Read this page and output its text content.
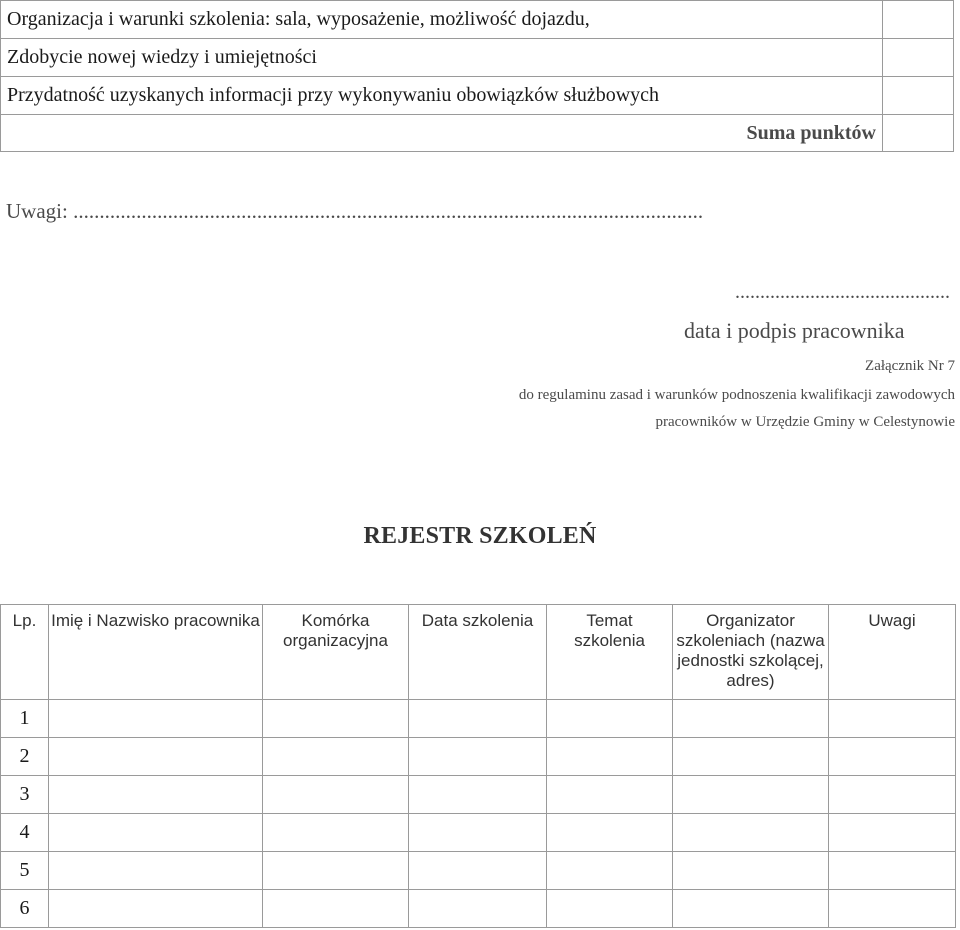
Organizacja i warunki szkolenia: sala, wyposażenie, możliwość dojazdu,	
Zdobycie nowej wiedzy i umiejętności	
Przydatność uzyskanych informacji przy wykonywaniu obowiązków służbowych	
Suma punktów	
Uwagi: ........................................................................................................................
...........................................
data i podpis pracownika
Załącznik Nr 7
do regulaminu zasad i warunków podnoszenia kwalifikacji zawodowych
pracowników w Urzędzie Gminy w Celestynowie
REJESTR SZKOLEŃ
Lp.	Imię i Nazwisko pracownika	Komórka organizacyjna	Data szkolenia	Temat szkolenia	Organizator szkoleniach (nazwa jednostki szkolącej, adres)	Uwagi
1						
2						
3						
4						
5						
6						
